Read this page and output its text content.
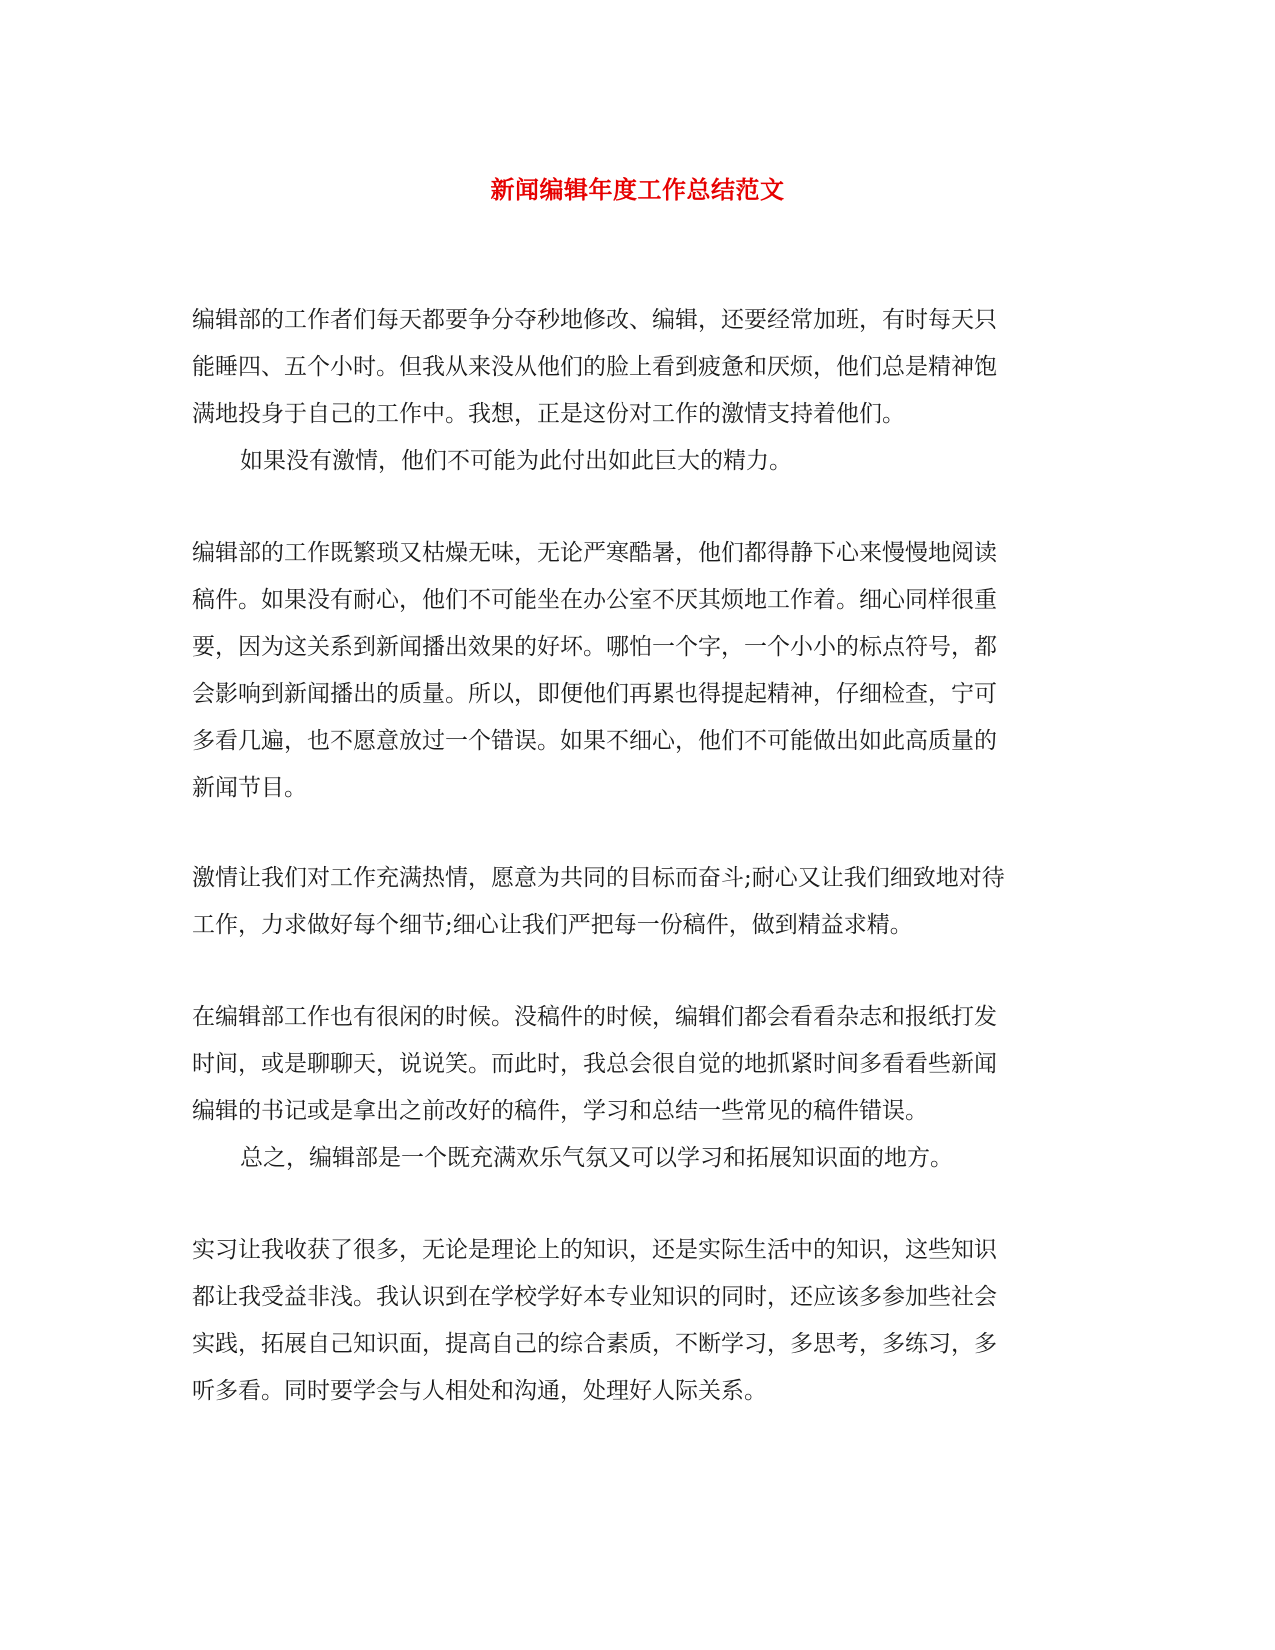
新闻编辑年度工作总结范文
编辑部的工作者们每天都要争分夺秒地修改、编辑，还要经常加班，有时每天只
能睡四、五个小时。但我从来没从他们的脸上看到疲惫和厌烦，他们总是精神饱
满地投身于自己的工作中。我想，正是这份对工作的激情支持着他们。
如果没有激情，他们不可能为此付出如此巨大的精力。
编辑部的工作既繁琐又枯燥无味，无论严寒酷暑，他们都得静下心来慢慢地阅读
稿件。如果没有耐心，他们不可能坐在办公室不厌其烦地工作着。细心同样很重
要，因为这关系到新闻播出效果的好坏。哪怕一个字，一个小小的标点符号，都
会影响到新闻播出的质量。所以，即便他们再累也得提起精神，仔细检查，宁可
多看几遍，也不愿意放过一个错误。如果不细心，他们不可能做出如此高质量的
新闻节目。
激情让我们对工作充满热情，愿意为共同的目标而奋斗;耐心又让我们细致地对待
工作，力求做好每个细节;细心让我们严把每一份稿件，做到精益求精。
在编辑部工作也有很闲的时候。没稿件的时候，编辑们都会看看杂志和报纸打发
时间，或是聊聊天，说说笑。而此时，我总会很自觉的地抓紧时间多看看些新闻
编辑的书记或是拿出之前改好的稿件，学习和总结一些常见的稿件错误。
总之，编辑部是一个既充满欢乐气氛又可以学习和拓展知识面的地方。
实习让我收获了很多，无论是理论上的知识，还是实际生活中的知识，这些知识
都让我受益非浅。我认识到在学校学好本专业知识的同时，还应该多参加些社会
实践，拓展自己知识面，提高自己的综合素质，不断学习，多思考，多练习，多
听多看。同时要学会与人相处和沟通，处理好人际关系。
